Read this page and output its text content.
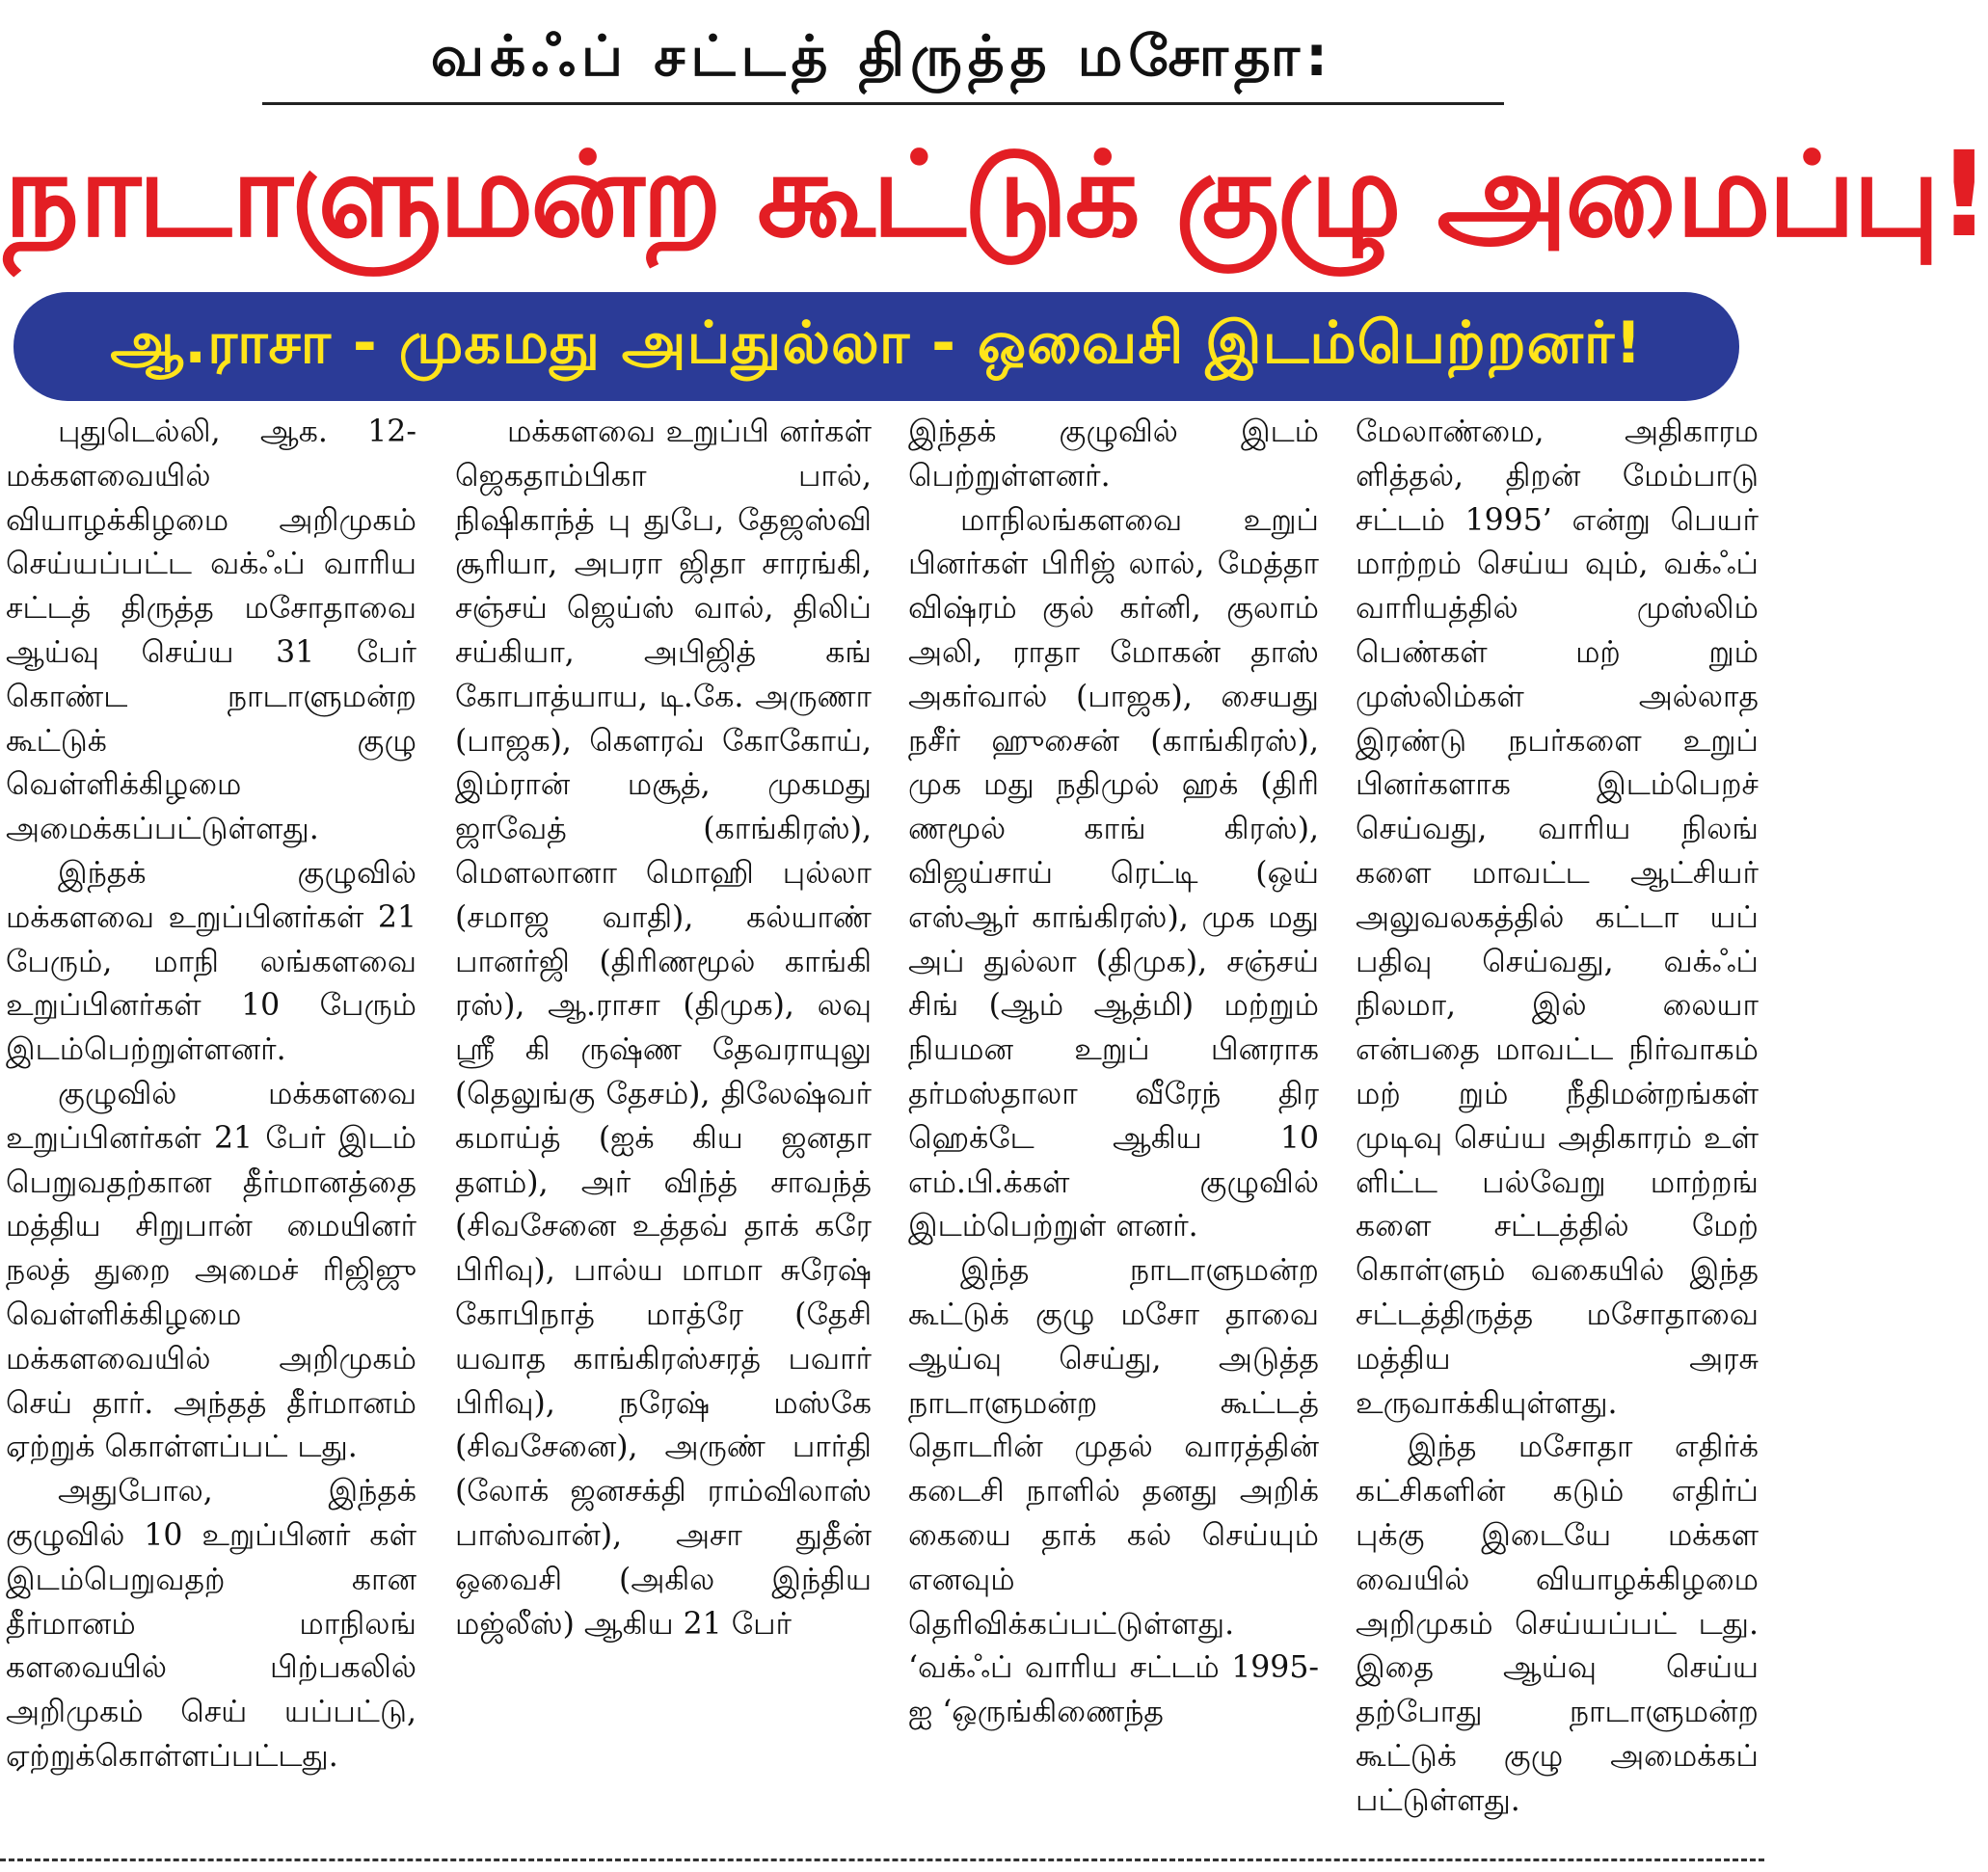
வக்ஃப் சட்டத் திருத்த மசோதா:
நாடாளுமன்ற கூட்டுக் குழு அமைப்பு!
ஆ.ராசா - முகமது அப்துல்லா - ஒவைசி இடம்பெற்றனர்!

புதுடெல்லி, ஆக. 12- மக்களவையில் வியாழக்கிழமை அறிமுகம் செய்யப்பட்ட வக்ஃப் வாரிய சட்டத் திருத்த மசோதாவை ஆய்வு செய்ய 31 பேர் கொண்ட நாடாளுமன்ற கூட்டுக் குழு வெள்ளிக்கிழமை அமைக்கப்பட்டுள்ளது.

இந்தக் குழுவில் மக்களவை உறுப்பினர்கள் 21 பேரும், மாநி லங்களவை உறுப்பினர்கள் 10 பேரும் இடம்பெற்றுள்ளனர்.

குழுவில் மக்களவை உறுப்பினர்கள் 21 பேர் இடம் பெறுவதற்கான தீர்மானத்தை மத்திய சிறுபான் மையினர் நலத் துறை அமைச் ரிஜிஜு வெள்ளிக்கிழமை மக்களவையில் அறிமுகம் செய் தார். அந்தத் தீர்மானம் ஏற்றுக் கொள்ளப்பட் டது.

அதுபோல, இந்தக் குழுவில் 10 உறுப்பினர் கள் இடம்பெறுவதற் கான தீர்மானம் மாநிலங் களவையில் பிற்பகலில் அறிமுகம் செய் யப்பட்டு, ஏற்றுக்கொள்ளப்பட்டது.

மக்களவை உறுப்பி னர்கள் ஜெகதாம்பிகா பால், நிஷிகாந்த் பு துபே, தேஜஸ்வி சூரியா, அபரா ஜிதா சாரங்கி, சஞ்சய் ஜெய்ஸ் வால், திலிப் சய்கியா, அபிஜித் கங் கோபாத்யாய, டி.கே. அருணா (பாஜக), கௌரவ் கோகோய், இம்ரான் மசூத், முகமது ஜாவேத் (காங்கிரஸ்), மௌலானா மொஹி புல்லா (சமாஜ வாதி), கல்யாண் பானர்ஜி (திரிணமூல் காங்கி ரஸ்), ஆ.ராசா (திமுக), லவு ஸ்ரீ கி ருஷ்ண தேவராயுலு (தெலுங்கு தேசம்), திலேஷ்வர் கமாய்த் (ஐக் கிய ஜனதா தளம்), அர் விந்த் சாவந்த் (சிவசேனை உத்தவ் தாக் கரே பிரிவு), பால்ய மாமா சுரேஷ் கோபிநாத் மாத்ரே (தேசி யவாத காங்கிரஸ்சரத் பவார் பிரிவு), நரேஷ் மஸ்கே (சிவசேனை), அருண் பார்தி (லோக் ஜனசக்தி ராம்விலாஸ் பாஸ்வான்), அசா துதீன் ஒவைசி (அகில இந்திய மஜ்லீஸ்) ஆகிய 21 பேர்

இந்தக் குழுவில் இடம் பெற்றுள்ளனர்.

மாநிலங்களவை உறுப் பினர்கள் பிரிஜ் லால், மேத்தா விஷ்ரம் குல் கர்னி, குலாம் அலி, ராதா மோகன் தாஸ் அகர்வால் (பாஜக), சையது நசீர் ஹுசைன் (காங்கிரஸ்), முக மது நதிமுல் ஹக் (திரி ணமூல் காங் கிரஸ்), விஜய்சாய் ரெட்டி (ஒய் எஸ்ஆர் காங்கிரஸ்), முக மது அப் துல்லா (திமுக), சஞ்சய் சிங் (ஆம் ஆத்மி) மற்றும் நியமன உறுப் பினராக தர்மஸ்தாலா வீரேந் திர ஹெக்டே ஆகிய 10 எம்.பி.க்கள் குழுவில் இடம்பெற்றுள் ளனர்.

இந்த நாடாளுமன்ற கூட்டுக் குழு மசோ தாவை ஆய்வு செய்து, அடுத்த நாடாளுமன்ற கூட்டத் தொடரின் முதல் வாரத்தின் கடைசி நாளில் தனது அறிக் கையை தாக் கல் செய்யும் எனவும் தெரிவிக்கப்பட்டுள்ளது. ‘வக்ஃப் வாரிய சட்டம் 1995-ஐ ‘ஒருங்கிணைந்த

மேலாண்மை, அதிகாரம ளித்தல், திறன் மேம்பாடு சட்டம் 1995’ என்று பெயர் மாற்றம் செய்ய வும், வக்ஃப் வாரியத்தில் முஸ்லிம் பெண்கள் மற் றும் முஸ்லிம்கள் அல்லாத இரண்டு நபர்களை உறுப் பினர்களாக இடம்பெறச் செய்வது, வாரிய நிலங் களை மாவட்ட ஆட்சியர் அலுவலகத்தில் கட்டா யப் பதிவு செய்வது, வக்ஃப் நிலமா, இல் லையா என்பதை மாவட்ட நிர்வாகம் மற் றும் நீதிமன்றங்கள் முடிவு செய்ய அதிகாரம் உள் ளிட்ட பல்வேறு மாற்றங் களை சட்டத்தில் மேற் கொள்ளும் வகையில் இந்த சட்டத்திருத்த மசோதாவை மத்திய அரசு உருவாக்கியுள்ளது.

இந்த மசோதா எதிர்க் கட்சிகளின் கடும் எதிர்ப் புக்கு இடையே மக்கள வையில் வியாழக்கிழமை அறிமுகம் செய்யப்பட் டது. இதை ஆய்வு செய்ய தற்போது நாடாளுமன்ற கூட்டுக் குழு அமைக்கப் பட்டுள்ளது.
